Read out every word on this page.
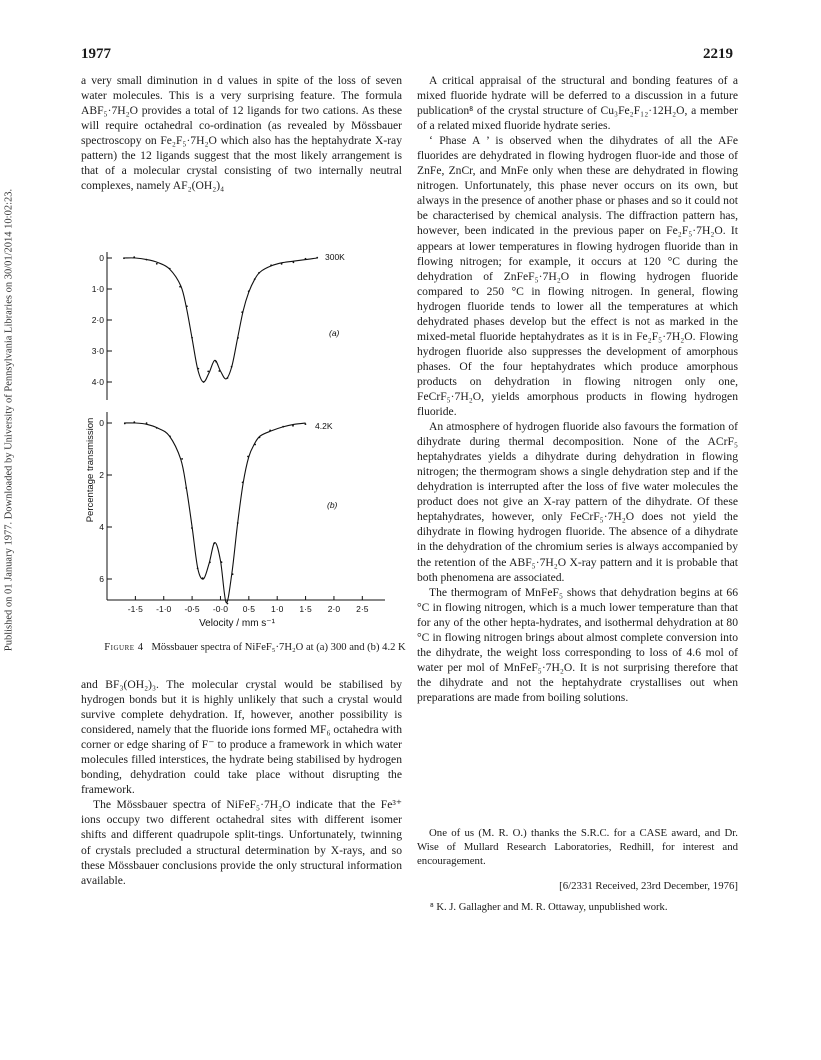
1977	2219
Published on 01 January 1977. Downloaded by University of Pennsylvania Libraries on 30/01/2014 10:02:23.

a very small diminution in d values in spite of the loss of seven water molecules. This is a very surprising feature. The formula ABF₅·7H₂O provides a total of 12 ligands for two cations. As these will require octahedral co-ordination (as revealed by Mössbauer spectroscopy on Fe₂F₅·7H₂O which also has the heptahydrate X-ray pattern) the 12 ligands suggest that the most likely arrangement is that of a molecular crystal consisting of two internally neutral complexes, namely AF₂(OH₂)₄

0
1·0
2·0
3·0
4·0
300K
(a)
0
2
4
6
4.2K
(b)
-1·5 -1·0 -0·5 -0·0 0·5 1·0 1·5 2·0 2·5
Velocity / mm s⁻¹
Percentage transmission
Figure 4 Mössbauer spectra of NiFeF₅·7H₂O at (a) 300 and (b) 4.2 K

and BF₃(OH₂)₃. The molecular crystal would be stabilised by hydrogen bonds but it is highly unlikely that such a crystal would survive complete dehydration. If, however, another possibility is considered, namely that the fluoride ions formed MF₆ octahedra with corner or edge sharing of F⁻ to produce a framework in which water molecules filled interstices, the hydrate being stabilised by hydrogen bonding, dehydration could take place without disrupting the framework.

The Mössbauer spectra of NiFeF₅·7H₂O indicate that the Fe³⁺ ions occupy two different octahedral sites with different isomer shifts and different quadrupole split-tings. Unfortunately, twinning of crystals precluded a structural determination by X-rays, and so these Mössbauer conclusions provide the only structural information available.

A critical appraisal of the structural and bonding features of a mixed fluoride hydrate will be deferred to a discussion in a future publication⁸ of the crystal structure of Cu₃Fe₂F₁₂·12H₂O, a member of a related mixed fluoride hydrate series.

‘ Phase A ’ is observed when the dihydrates of all the AFe fluorides are dehydrated in flowing hydrogen fluor-ide and those of ZnFe, ZnCr, and MnFe only when these are dehydrated in flowing nitrogen. Unfortunately, this phase never occurs on its own, but always in the presence of another phase or phases and so it could not be characterised by chemical analysis. The diffraction pattern has, however, been indicated in the previous paper on Fe₂F₅·7H₂O. It appears at lower temperatures in flowing hydrogen fluoride than in flowing nitrogen; for example, it occurs at 120 °C during the dehydration of ZnFeF₅·7H₂O in flowing hydrogen fluoride compared to 250 °C in flowing nitrogen. In general, flowing hydrogen fluoride tends to lower all the temperatures at which dehydrated phases develop but the effect is not as marked in the mixed-metal fluoride heptahydrates as it is in Fe₂F₅·7H₂O. Flowing hydrogen fluoride also suppresses the development of amorphous phases. Of the four heptahydrates which produce amorphous products on dehydration in flowing nitrogen only one, FeCrF₅·7H₂O, yields amorphous products in flowing hydrogen fluoride.

An atmosphere of hydrogen fluoride also favours the formation of dihydrate during thermal decomposition. None of the ACrF₅ heptahydrates yields a dihydrate during dehydration in flowing nitrogen; the thermogram shows a single dehydration step and if the dehydration is interrupted after the loss of five water molecules the product does not give an X-ray pattern of the dihydrate. Of these heptahydrates, however, only FeCrF₅·7H₂O does not yield the dihydrate in flowing hydrogen fluoride. The absence of a dihydrate in the dehydration of the chromium series is always accompanied by the retention of the ABF₅·7H₂O X-ray pattern and it is probable that both phenomena are associated.

The thermogram of MnFeF₅ shows that dehydration begins at 66 °C in flowing nitrogen, which is a much lower temperature than that for any of the other hepta-hydrates, and isothermal dehydration at 80 °C in flowing nitrogen brings about almost complete conversion into the dihydrate, the weight loss corresponding to loss of 4.6 mol of water per mol of MnFeF₅·7H₂O. It is not surprising therefore that the dihydrate and not the heptahydrate crystallises out when preparations are made from boiling solutions.

One of us (M. R. O.) thanks the S.R.C. for a CASE award, and Dr. Wise of Mullard Research Laboratories, Redhill, for interest and encouragement.

[6/2331 Received, 23rd December, 1976]
⁸ K. J. Gallagher and M. R. Ottaway, unpublished work.
